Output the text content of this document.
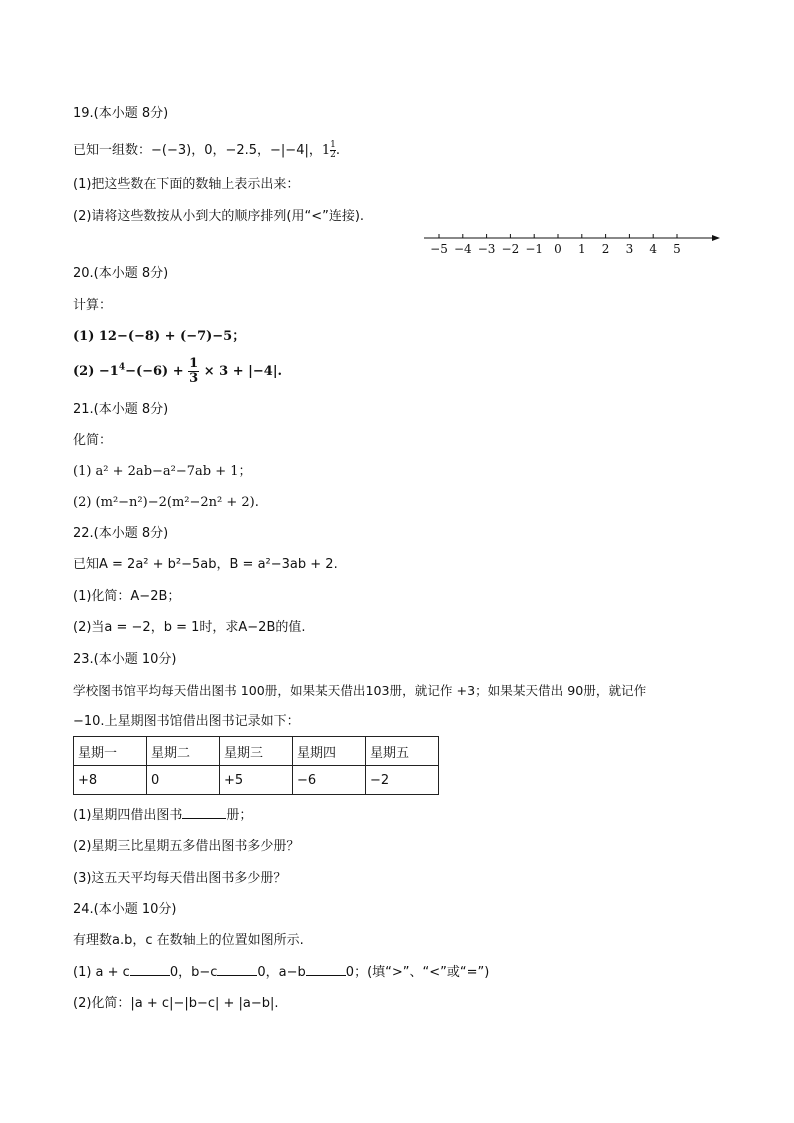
19.(本小题 8分)
已知一组数：−(−3)，0，−2.5，−|−4|，$1 \frac{1}{2}$ .
(1)把这些数在下面的数轴上表示出来：
(2)请将这些数按从小到大的顺序排列(用“<”连接).
−5 −4 −3 −2 −1 0 1 2 3 4 5
20.(本小题 8分)
计算：
(1) 12−(−8) + (−7)−5；
$(2) -1^4-(-6) + \frac{1}{3} \times 3 + |-4|$.
21.(本小题 8分)
化简：
(1) a² + 2ab−a²−7ab + 1；
(2) (m²−n²)−2(m²−2n² + 2).
22.(本小题 8分)
已知A = 2a² + b²−5ab，B = a²−3ab + 2.
(1)化简：A−2B；
(2)当a = −2，b = 1时，求A−2B的值.
23.(本小题 10分)
学校图书馆平均每天借出图书 100册，如果某天借出103册，就记作 +3；如果某天借出 90册，就记作
−10.上星期图书馆借出图书记录如下：
星期一	星期二	星期三	星期四	星期五
+8	0	+5	−6	−2
(1)星期四借出图书	册；
(2)星期三比星期五多借出图书多少册？
(3)这五天平均每天借出图书多少册？
24.(本小题 10分)
有理数a.b，c 在数轴上的位置如图所示.
(1) a + c	0，b−c	0，a−b	0；(填“>”、“<”或“=”)
(2)化简：|a + c|−|b−c| + |a−b|.
